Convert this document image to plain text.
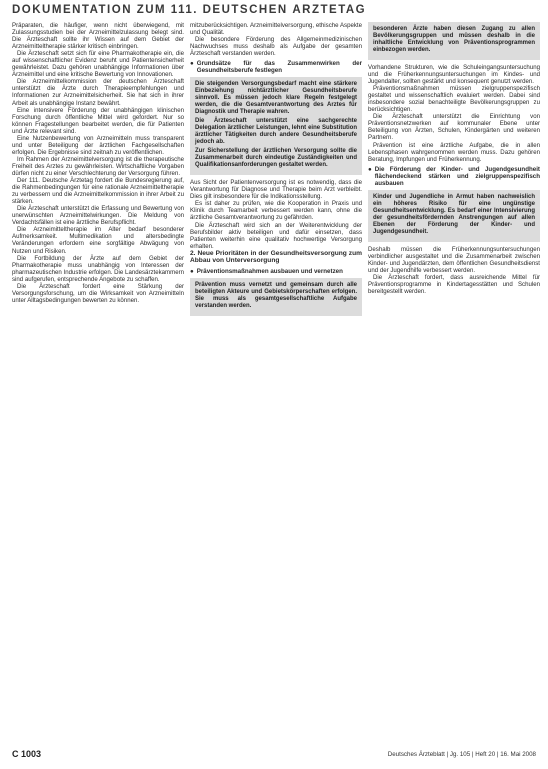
DOKUMENTATION ZUM 111. DEUTSCHEN ÄRZTETAG

Präparaten, die häufiger, wenn nicht überwiegend, mit Zulassungsstudien bei der Arzneimittelzulassung belegt sind. Die Ärzteschaft sollte ihr Wissen auf dem Gebiet der Arzneimitteltherapie stärker kritisch einbringen.

Die Ärzteschaft setzt sich für eine Pharmakotherapie ein, die auf wissenschaftlicher Evidenz beruht und Patientensicherheit gewährleistet. Dazu gehören unabhängige Informationen über Arzneimittel und eine kritische Bewertung von Innovationen.

Die Arzneimittelkommission der deutschen Ärzteschaft unterstützt die Ärzte durch Therapieempfehlungen und Informationen zur Arzneimittelsicherheit. Sie hat sich in ihrer Arbeit als unabhängige Instanz bewährt.

Eine intensivere Förderung der unabhängigen klinischen Forschung durch öffentliche Mittel wird gefordert. Nur so können Fragestellungen bearbeitet werden, die für Patienten und Ärzte relevant sind.

Eine Nutzenbewertung von Arzneimitteln muss transparent und unter Beteiligung der ärztlichen Fachgesellschaften erfolgen. Die Ergebnisse sind zeitnah zu veröffentlichen.

Im Rahmen der Arzneimittelversorgung ist die therapeutische Freiheit des Arztes zu gewährleisten. Wirtschaftliche Vorgaben dürfen nicht zu einer Verschlechterung der Versorgung führen.

Der 111. Deutsche Ärztetag fordert die Bundesregierung auf, die Rahmenbedingungen für eine rationale Arzneimitteltherapie zu verbessern und die Arzneimittelkommission in ihrer Arbeit zu stärken.

Die Ärzteschaft unterstützt die Erfassung und Bewertung von unerwünschten Arzneimittelwirkungen. Die Meldung von Verdachtsfällen ist eine ärztliche Berufspflicht.

Die Arzneimitteltherapie im Alter bedarf besonderer Aufmerksamkeit. Multimedikation und altersbedingte Veränderungen erfordern eine sorgfältige Abwägung von Nutzen und Risiken.

Die Fortbildung der Ärzte auf dem Gebiet der Pharmakotherapie muss unabhängig von Interessen der pharmazeutischen Industrie erfolgen. Die Landesärztekammern sind aufgerufen, entsprechende Angebote zu schaffen.

Die Ärzteschaft fordert eine Stärkung der Versorgungsforschung, um die Wirksamkeit von Arzneimitteln unter Alltagsbedingungen bewerten zu können.

mitzuberücksichtigen. Arzneimittelversorgung, ethische Aspekte und Qualität.

Die besondere Förderung des Allgemeinmedizinischen Nachwuchses muss deshalb als Aufgabe der gesamten Ärzteschaft verstanden werden.

● Grundsätze für das Zusammenwirken der Gesundheitsberufe festlegen

Die steigenden Versorgungsbedarf macht eine stärkere Einbeziehung nichtärztlicher Gesundheitsberufe sinnvoll. Es müssen jedoch klare Regeln festgelegt werden, die die Gesamtverantwortung des Arztes für Diagnostik und Therapie wahren.

Die Ärzteschaft unterstützt eine sachgerechte Delegation ärztlicher Leistungen, lehnt eine Substitution ärztlicher Tätigkeiten durch andere Gesundheitsberufe jedoch ab.

Zur Sicherstellung der ärztlichen Versorgung sollte die Zusammenarbeit durch eindeutige Zuständigkeiten und Qualifikationsanforderungen gestaltet werden.

Aus Sicht der Patientenversorgung ist es notwendig, dass die Verantwortung für Diagnose und Therapie beim Arzt verbleibt. Dies gilt insbesondere für die Indikationsstellung.

Es ist daher zu prüfen, wie die Kooperation in Praxis und Klinik durch Teamarbeit verbessert werden kann, ohne die ärztliche Gesamtverantwortung zu gefährden.

Die Ärzteschaft wird sich an der Weiterentwicklung der Berufsbilder aktiv beteiligen und dafür einsetzen, dass Patienten weiterhin eine qualitativ hochwertige Versorgung erhalten.

2. Neue Prioritäten in der Gesundheitsversorgung zum Abbau von Unterversorgung

● Präventionsmaßnahmen ausbauen und vernetzen

Prävention muss vernetzt und gemeinsam durch alle beteiligten Akteure und Gebietskörperschaften erfolgen. Sie muss als gesamtgesellschaftliche Aufgabe verstanden werden.

besonderen Ärzte haben diesen Zugang zu allen Bevölkerungsgruppen und müssen deshalb in die inhaltliche Entwicklung von Präventionsprogrammen einbezogen werden.

Vorhandene Strukturen, wie die Schuleingangsuntersuchung und die Früherkennungsuntersuchungen im Kindes- und Jugendalter, sollten gestärkt und konsequent genutzt werden.

Präventionsmaßnahmen müssen zielgruppenspezifisch gestaltet und wissenschaftlich evaluiert werden. Dabei sind insbesondere sozial benachteiligte Bevölkerungsgruppen zu berücksichtigen.

Die Ärzteschaft unterstützt die Einrichtung von Präventionsnetzwerken auf kommunaler Ebene unter Beteiligung von Ärzten, Schulen, Kindergärten und weiteren Partnern.

Prävention ist eine ärztliche Aufgabe, die in allen Lebensphasen wahrgenommen werden muss. Dazu gehören Beratung, Impfungen und Früherkennung.

● Die Förderung der Kinder- und Jugendgesundheit flächendeckend stärken und zielgruppenspezifisch ausbauen

Kinder und Jugendliche in Armut haben nachweislich ein höheres Risiko für eine ungünstige Gesundheitsentwicklung. Es bedarf einer Intensivierung der gesundheitsfördernden Anstrengungen auf allen Ebenen der Förderung der Kinder- und Jugendgesundheit.

Deshalb müssen die Früherkennungsuntersuchungen verbindlicher ausgestaltet und die Zusammenarbeit zwischen Kinder- und Jugendärzten, dem öffentlichen Gesundheitsdienst und der Jugendhilfe verbessert werden.

Die Ärzteschaft fordert, dass ausreichende Mittel für Präventionsprogramme in Kindertagesstätten und Schulen bereitgestellt werden.

C 1003	Deutsches Ärzteblatt | Jg. 105 | Heft 20 | 16. Mai 2008
